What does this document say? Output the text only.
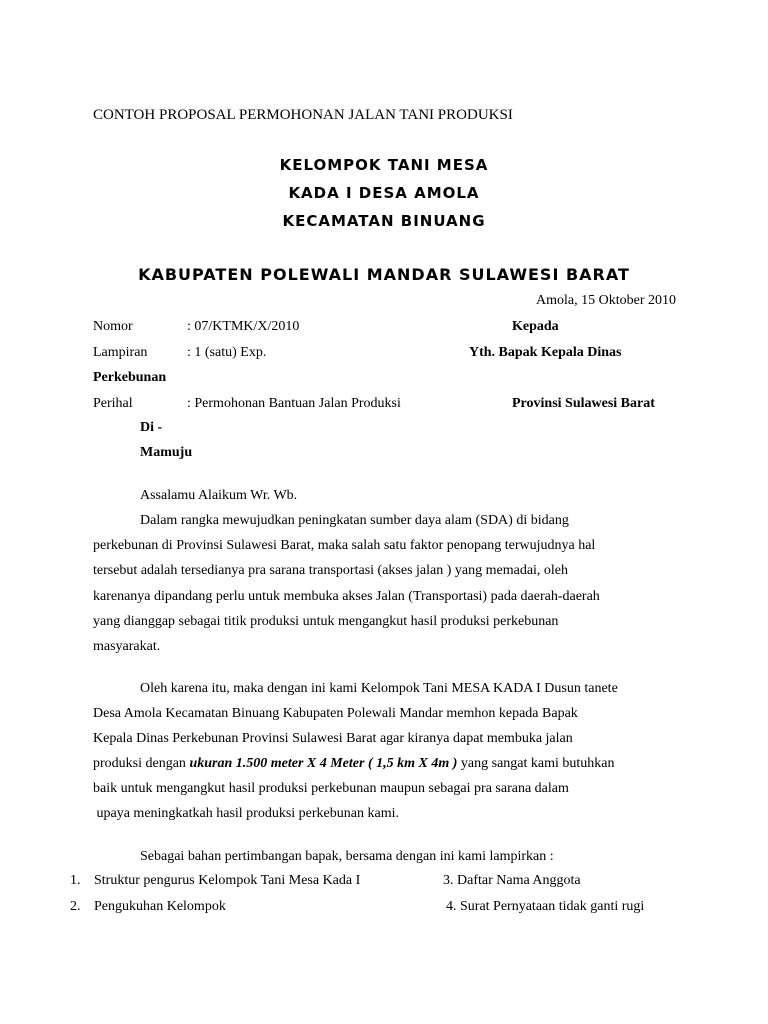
CONTOH PROPOSAL PERMOHONAN JALAN TANI PRODUKSI
KELOMPOK TANI MESA
KADA I DESA AMOLA
KECAMATAN BINUANG
KABUPATEN POLEWALI MANDAR SULAWESI BARAT
Amola, 15 Oktober 2010
Nomor	: 07/KTMK/X/2010	Kepada
Lampiran	: 1 (satu) Exp.	Yth. Bapak Kepala Dinas
Perkebunan
Perihal	: Permohonan Bantuan Jalan Produksi	Provinsi Sulawesi Barat
Di -
Mamuju
Assalamu Alaikum Wr. Wb.
Dalam rangka mewujudkan peningkatan sumber daya alam (SDA) di bidang
perkebunan di Provinsi Sulawesi Barat, maka salah satu faktor penopang terwujudnya hal
tersebut adalah tersedianya pra sarana transportasi (akses jalan ) yang memadai, oleh
karenanya dipandang perlu untuk membuka akses Jalan (Transportasi) pada daerah-daerah
yang dianggap sebagai titik produksi untuk mengangkut hasil produksi perkebunan
masyarakat.
Oleh karena itu, maka dengan ini kami Kelompok Tani MESA KADA I Dusun tanete
Desa Amola Kecamatan Binuang Kabupaten Polewali Mandar memhon kepada Bapak
Kepala Dinas Perkebunan Provinsi Sulawesi Barat agar kiranya dapat membuka jalan
produksi dengan ukuran 1.500 meter X 4 Meter ( 1,5 km X 4m ) yang sangat kami butuhkan
baik untuk mengangkut hasil produksi perkebunan maupun sebagai pra sarana dalam
upaya meningkatkah hasil produksi perkebunan kami.
Sebagai bahan pertimbangan bapak, bersama dengan ini kami lampirkan :
1. Struktur pengurus Kelompok Tani Mesa Kada I	3. Daftar Nama Anggota
2. Pengukuhan Kelompok	4. Surat Pernyataan tidak ganti rugi
